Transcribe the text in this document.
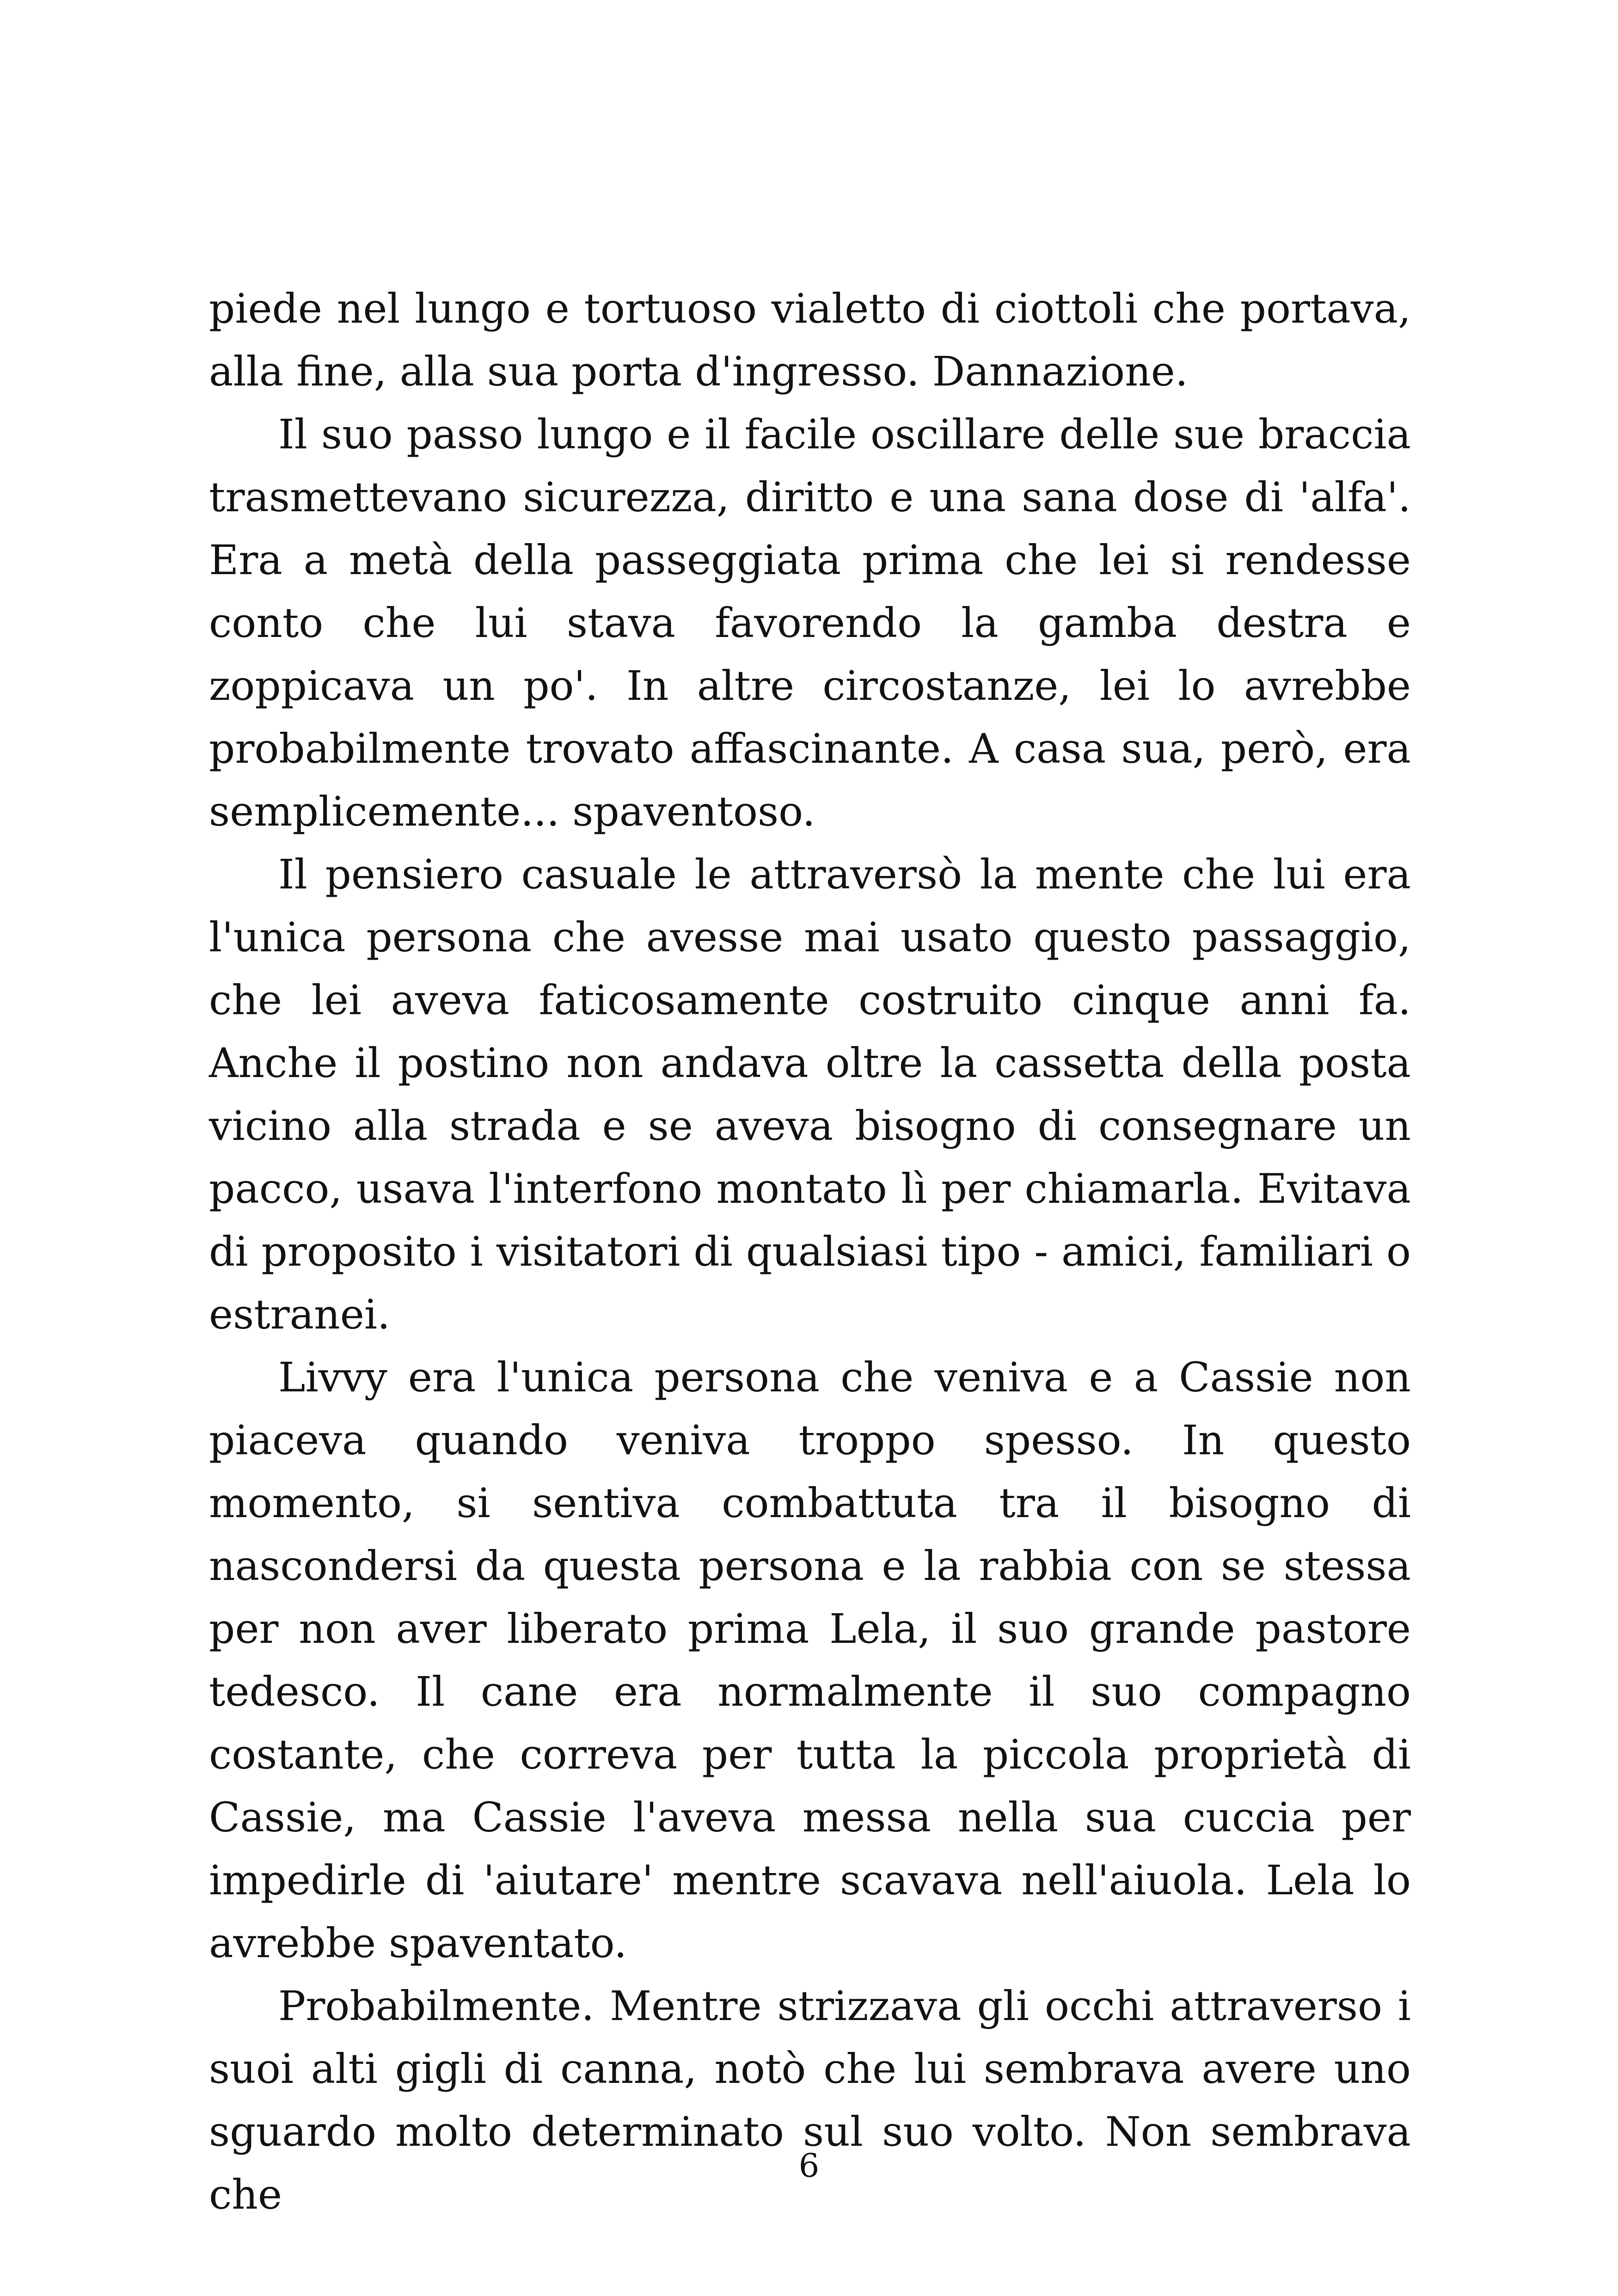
piede nel lungo e tortuoso vialetto di ciottoli che portava, alla fine, alla sua porta d'ingresso. Dannazione.

Il suo passo lungo e il facile oscillare delle sue braccia trasmettevano sicurezza, diritto e una sana dose di 'alfa'. Era a metà della passeggiata prima che lei si rendesse conto che lui stava favorendo la gamba destra e zoppicava un po'. In altre circostanze, lei lo avrebbe probabilmente trovato affascinante. A casa sua, però, era semplicemente... spaventoso.

Il pensiero casuale le attraversò la mente che lui era l'unica persona che avesse mai usato questo passaggio, che lei aveva faticosamente costruito cinque anni fa. Anche il postino non andava oltre la cassetta della posta vicino alla strada e se aveva bisogno di consegnare un pacco, usava l'interfono montato lì per chiamarla. Evitava di proposito i visitatori di qualsiasi tipo - amici, familiari o estranei.

Livvy era l'unica persona che veniva e a Cassie non piaceva quando veniva troppo spesso. In questo momento, si sentiva combattuta tra il bisogno di nascondersi da questa persona e la rabbia con se stessa per non aver liberato prima Lela, il suo grande pastore tedesco. Il cane era normalmente il suo compagno costante, che correva per tutta la piccola proprietà di Cassie, ma Cassie l'aveva messa nella sua cuccia per impedirle di 'aiutare' mentre scavava nell'aiuola. Lela lo avrebbe spaventato.

Probabilmente. Mentre strizzava gli occhi attraverso i suoi alti gigli di canna, notò che lui sembrava avere uno sguardo molto determinato sul suo volto. Non sembrava che

6
